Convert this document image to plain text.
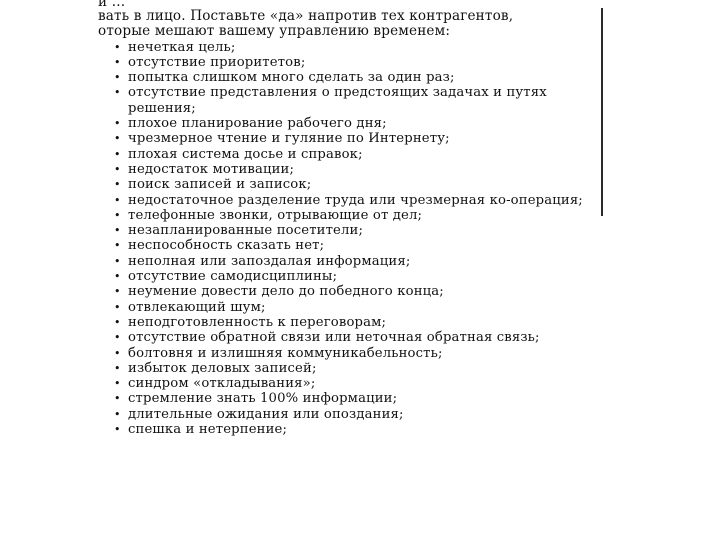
и …
вать в лицо. Поставьте «да» напротив тех контрагентов,
оторые мешают вашему управлению временем:
• нечеткая цель;
• отсутствие приоритетов;
• попытка слишком много сделать за один раз;
• отсутствие представления о предстоящих задачах и путях решения;
• плохое планирование рабочего дня;
• чрезмерное чтение и гуляние по Интернету;
• плохая система досье и справок;
• недостаток мотивации;
• поиск записей и записок;
• недостаточное разделение труда или чрезмерная ко-операция;
• телефонные звонки, отрывающие от дел;
• незапланированные посетители;
• неспособность сказать нет;
• неполная или запоздалая информация;
• отсутствие самодисциплины;
• неумение довести дело до победного конца;
• отвлекающий шум;
• неподготовленность к переговорам;
• отсутствие обратной связи или неточная обратная связь;
• болтовня и излишняя коммуникабельность;
• избыток деловых записей;
• синдром «откладывания»;
• стремление знать 100% информации;
• длительные ожидания или опоздания;
• спешка и нетерпение;
